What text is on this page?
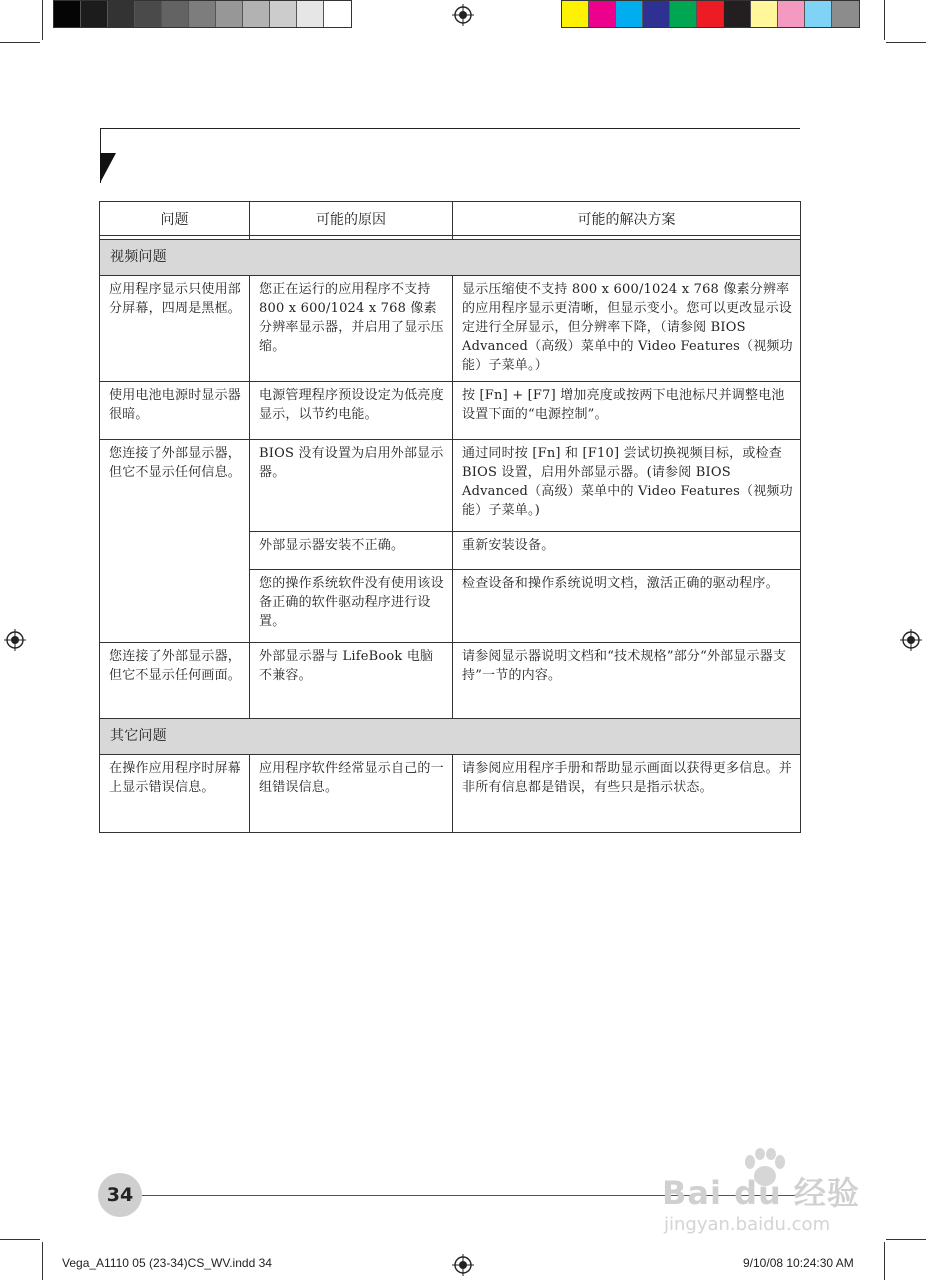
问题	可能的原因	可能的解决方案

视频问题		
应用程序显示只使用部分屏幕，四周是黑框。	您正在运行的应用程序不支持 800 x 600/1024 x 768 像素分辨率显示器，并启用了显示压缩。	显示压缩使不支持 800 x 600/1024 x 768 像素分辨率的应用程序显示更清晰，但显示变小。您可以更改显示设定进行全屏显示，但分辨率下降，（请参阅 BIOS Advanced（高级）菜单中的 Video Features（视频功能）子菜单。）
使用电池电源时显示器很暗。	电源管理程序预设设定为低亮度显示，以节约电能。	按 [Fn] + [F7] 增加亮度或按两下电池标尺并调整电池设置下面的“电源控制”。
您连接了外部显示器，但它不显示任何信息。	BIOS 没有设置为启用外部显示器。	通过同时按 [Fn] 和 [F10] 尝试切换视频目标，或检查 BIOS 设置，启用外部显示器。(请参阅 BIOS Advanced（高级）菜单中的 Video Features（视频功能）子菜单。)
	外部显示器安装不正确。	重新安装设备。
	您的操作系统软件没有使用该设备正确的软件驱动程序进行设置。	检查设备和操作系统说明文档，激活正确的驱动程序。
您连接了外部显示器，但它不显示任何画面。	外部显示器与 LifeBook 电脑不兼容。	请参阅显示器说明文档和“技术规格”部分“外部显示器支持”一节的内容。
其它问题		
在操作应用程序时屏幕上显示错误信息。	应用程序软件经常显示自己的一组错误信息。	请参阅应用程序手册和帮助显示画面以获得更多信息。并非所有信息都是错误，有些只是指示状态。
34	Bai du 经验
jingyan.baidu.com
Vega_A1110 05 (23-34)CS_WV.indd 34	9/10/08 10:24:30 AM
